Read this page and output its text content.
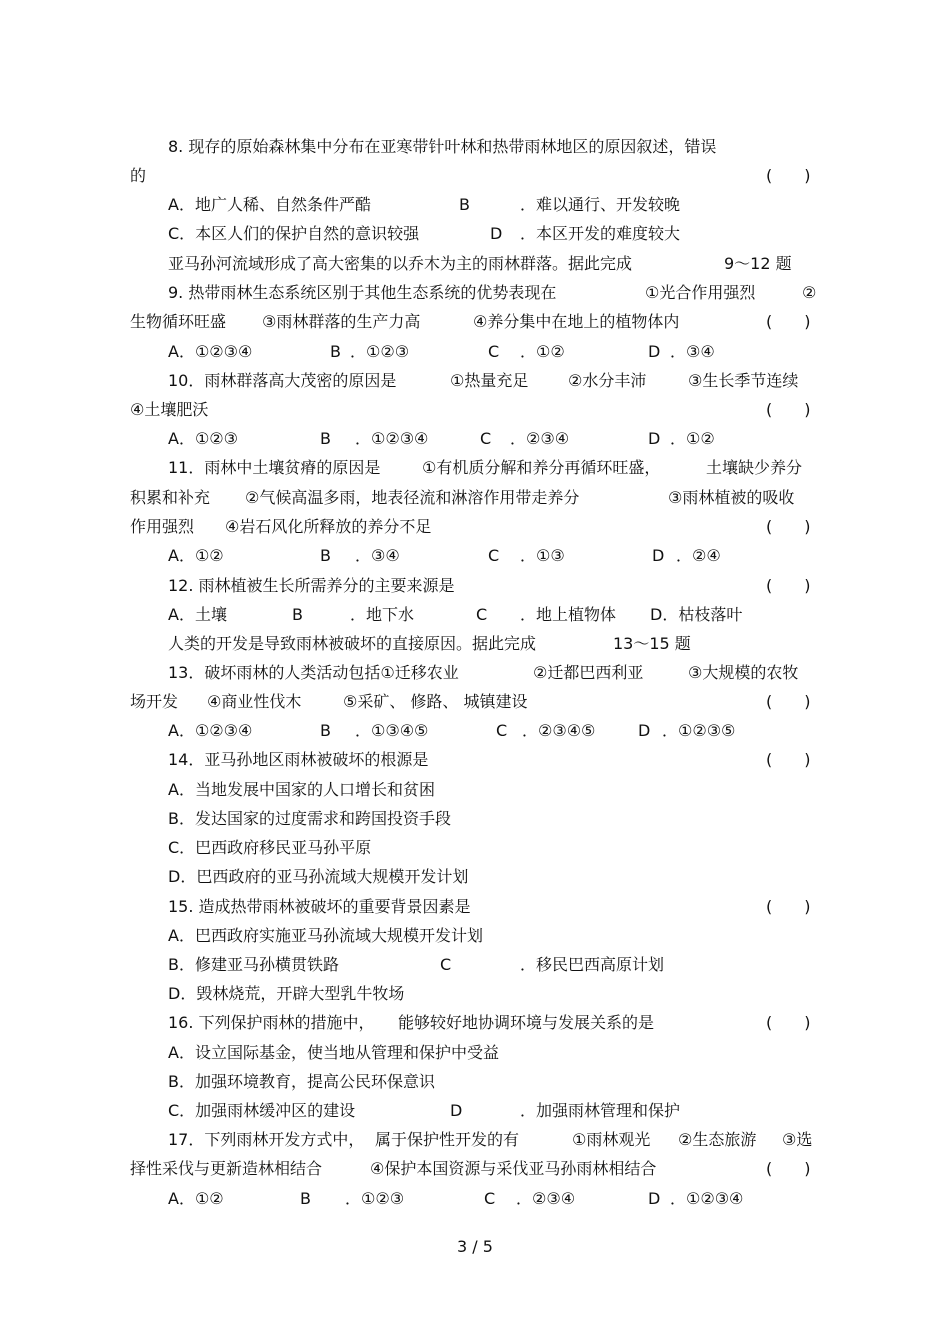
8. 现存的原始森林集中分布在亚寒带针叶林和热带雨林地区的原因叙述，错误
的	(　　)
A．地广人稀、自然条件严酷	B	．难以通行、开发较晚
C．本区人们的保护自然的意识较强	D ．本区开发的难度较大
亚马孙河流域形成了高大密集的以乔木为主的雨林群落。据此完成	9～12 题
9. 热带雨林生态系统区别于其他生态系统的优势表现在	①光合作用强烈	②
生物循环旺盛 ③雨林群落的生产力高	④养分集中在地上的植物体内	(　　)
A．①②③④	B ．①②③	C ．①②	D ．③④
10．雨林群落高大茂密的原因是	①热量充足 ②水分丰沛	③生长季节连续
④土壤肥沃	(　　)
A．①②③	B ．①②③④	C ．②③④	D ．①②
11．雨林中土壤贫瘠的原因是	①有机质分解和养分再循环旺盛，	土壤缺少养分
积累和补充 ②气候高温多雨，地表径流和淋溶作用带走养分	③雨林植被的吸收
作用强烈 ④岩石风化所释放的养分不足	(　　)
A．①②	B ．③④	C ．①③	D ．②④
12. 雨林植被生长所需养分的主要来源是	(　　)
A．土壤	B	．地下水	C ．地上植物体 D．枯枝落叶
人类的开发是导致雨林被破坏的直接原因。据此完成	13～15 题
13．破坏雨林的人类活动包括①迁移农业	②迁都巴西利亚	③大规模的农牧
场开发 ④商业性伐木	⑤采矿、 修路、 城镇建设	(　　)
A．①②③④	B ．①③④⑤	C ．②③④⑤	D ．①②③⑤
14．亚马孙地区雨林被破坏的根源是	(　　)
A．当地发展中国家的人口增长和贫困
B．发达国家的过度需求和跨国投资手段
C．巴西政府移民亚马孙平原
D．巴西政府的亚马孙流域大规模开发计划
15. 造成热带雨林被破坏的重要背景因素是	(　　)
A．巴西政府实施亚马孙流域大规模开发计划
B．修建亚马孙横贯铁路	C	．移民巴西高原计划
D．毁林烧荒，开辟大型乳牛牧场
16. 下列保护雨林的措施中， 能够较好地协调环境与发展关系的是	(　　)
A．设立国际基金，使当地从管理和保护中受益
B．加强环境教育，提高公民环保意识
C．加强雨林缓冲区的建设	D	．加强雨林管理和保护
17．下列雨林开发方式中， 属于保护性开发的有	①雨林观光 ②生态旅游 ③选
择性采伐与更新造林相结合	④保护本国资源与采伐亚马孙雨林相结合	(　　)
A．①②	B ．①②③	C ．②③④	D ．①②③④
3 / 5
